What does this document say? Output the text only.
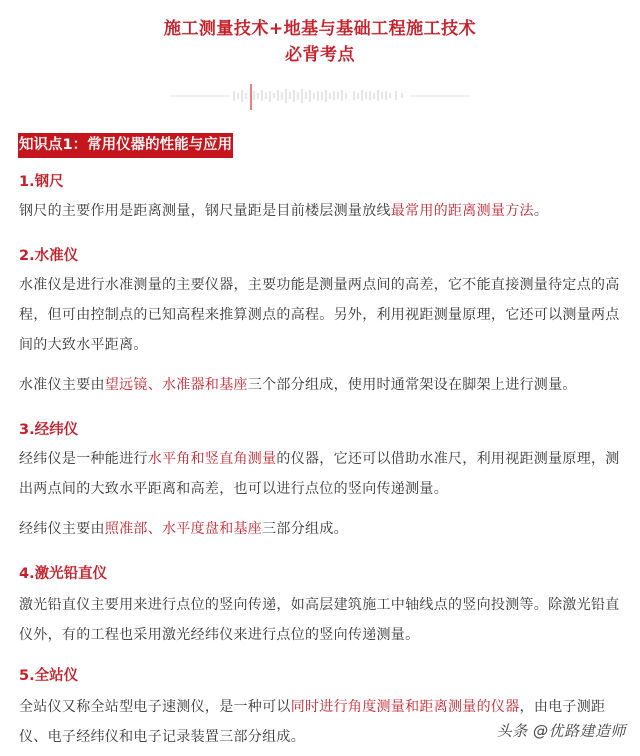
施工测量技术+地基与基础工程施工技术
必背考点
知识点1：常用仪器的性能与应用
1.钢尺
钢尺的主要作用是距离测量，钢尺量距是目前楼层测量放线最常用的距离测量方法。
2.水准仪
水准仪是进行水准测量的主要仪器，主要功能是测量两点间的高差，它不能直接测量待定点的高程，但可由控制点的已知高程来推算测点的高程。另外，利用视距测量原理，它还可以测量两点间的大致水平距离。
水准仪主要由望远镜、水准器和基座三个部分组成，使用时通常架设在脚架上进行测量。
3.经纬仪
经纬仪是一种能进行水平角和竖直角测量的仪器，它还可以借助水准尺，利用视距测量原理，测出两点间的大致水平距离和高差，也可以进行点位的竖向传递测量。
经纬仪主要由照准部、水平度盘和基座三部分组成。
4.激光铅直仪
激光铅直仪主要用来进行点位的竖向传递，如高层建筑施工中轴线点的竖向投测等。除激光铅直仪外，有的工程也采用激光经纬仪来进行点位的竖向传递测量。
5.全站仪
全站仪又称全站型电子速测仪，是一种可以同时进行角度测量和距离测量的仪器，由电子测距仪、电子经纬仪和电子记录装置三部分组成。	头条 @优路建造师
